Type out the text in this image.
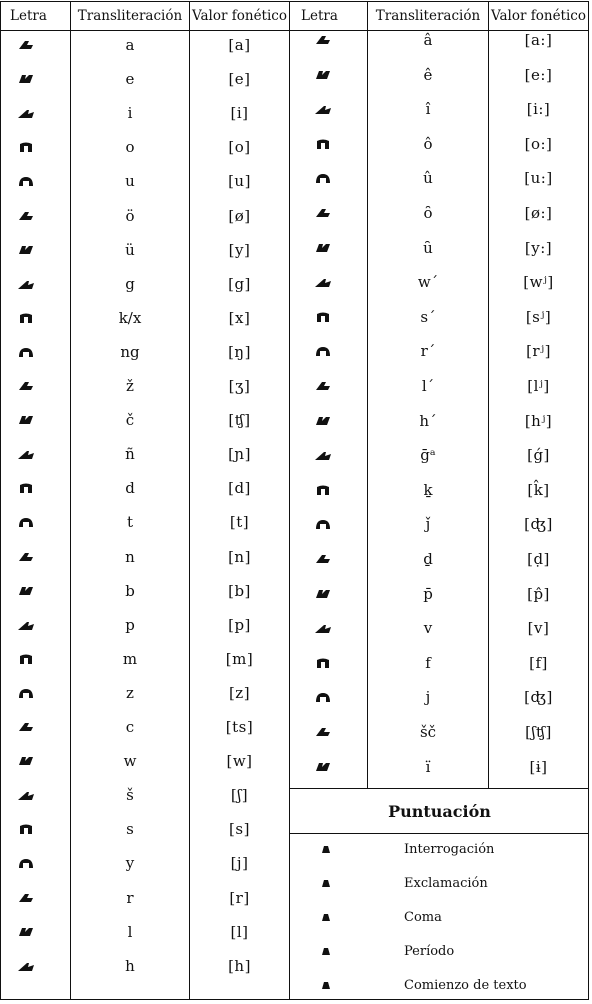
Letra	Transliteración Valor fonético	Letra	Transliteración Valor fonético
a	[a]
e	[e]
i	[i]
o	[o]
u	[u]
ö	[ø]
ü	[y]
g	[g]
k/x	[x]
ng	[ŋ]
ž	[ʒ]
č	[ʧ]
ñ	[ɲ]
d	[d]
t	[t]
n	[n]
b	[b]
p	[p]
m	[m]
z	[z]
c	[ts]
w	[w]
š	[ʃ]
s	[s]
y	[j]
r	[r]
l	[l]
h	[h]
â	[a:]
ê	[e:]
î	[i:]
ô	[o:]
û	[u:]
ȏ	[ø:]
ȗ	[y:]
w´	[wʲ]
s´	[sʲ]
r´	[rʲ]
l´	[lʲ]
h´	[hʲ]
ḡᵃ	[ǵ]
ḵ	[k̂]
ǰ	[ʤ]
ḏ	[ḍ]
p̄	[p̂]
v	[v]
f	[f]
j	[ʤ]
šč	[ʃʧ]
ï	[ɨ]
Puntuación
Interrogación
Exclamación
Coma
Período
Comienzo de texto
